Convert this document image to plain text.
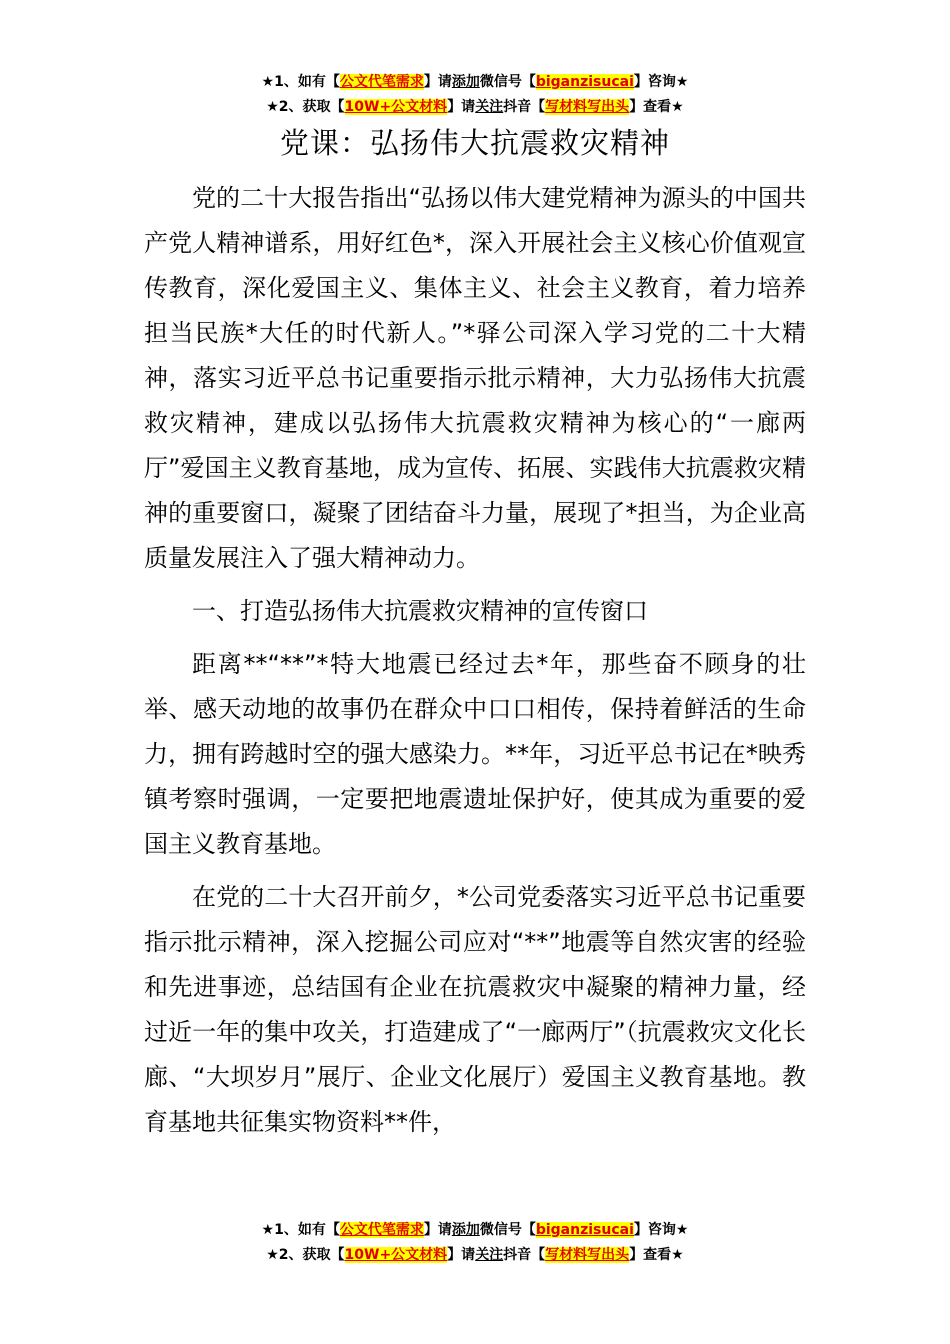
★1、如有【公文代笔需求】请添加微信号【biganzisucai】咨询★
★2、获取【10W+公文材料】请关注抖音【写材料写出头】查看★
党课：弘扬伟大抗震救灾精神

党的二十大报告指出“弘扬以伟大建党精神为源头的中国共产党人精神谱系，用好红色*，深入开展社会主义核心价值观宣传教育，深化爱国主义、集体主义、社会主义教育，着力培养担当民族*大任的时代新人。”*驿公司深入学习党的二十大精神，落实习近平总书记重要指示批示精神，大力弘扬伟大抗震救灾精神，建成以弘扬伟大抗震救灾精神为核心的“一廊两厅”爱国主义教育基地，成为宣传、拓展、实践伟大抗震救灾精神的重要窗口，凝聚了团结奋斗力量，展现了*担当，为企业高质量发展注入了强大精神动力。

一、打造弘扬伟大抗震救灾精神的宣传窗口

距离**“**”*特大地震已经过去*年，那些奋不顾身的壮举、感天动地的故事仍在群众中口口相传，保持着鲜活的生命力，拥有跨越时空的强大感染力。**年，习近平总书记在*映秀镇考察时强调，一定要把地震遗址保护好，使其成为重要的爱国主义教育基地。

在党的二十大召开前夕，*公司党委落实习近平总书记重要指示批示精神，深入挖掘公司应对“**”地震等自然灾害的经验和先进事迹，总结国有企业在抗震救灾中凝聚的精神力量，经过近一年的集中攻关，打造建成了“一廊两厅”（抗震救灾文化长廊、“大坝岁月”展厅、企业文化展厅）爱国主义教育基地。教育基地共征集实物资料**件，

★1、如有【公文代笔需求】请添加微信号【biganzisucai】咨询★
★2、获取【10W+公文材料】请关注抖音【写材料写出头】查看★
